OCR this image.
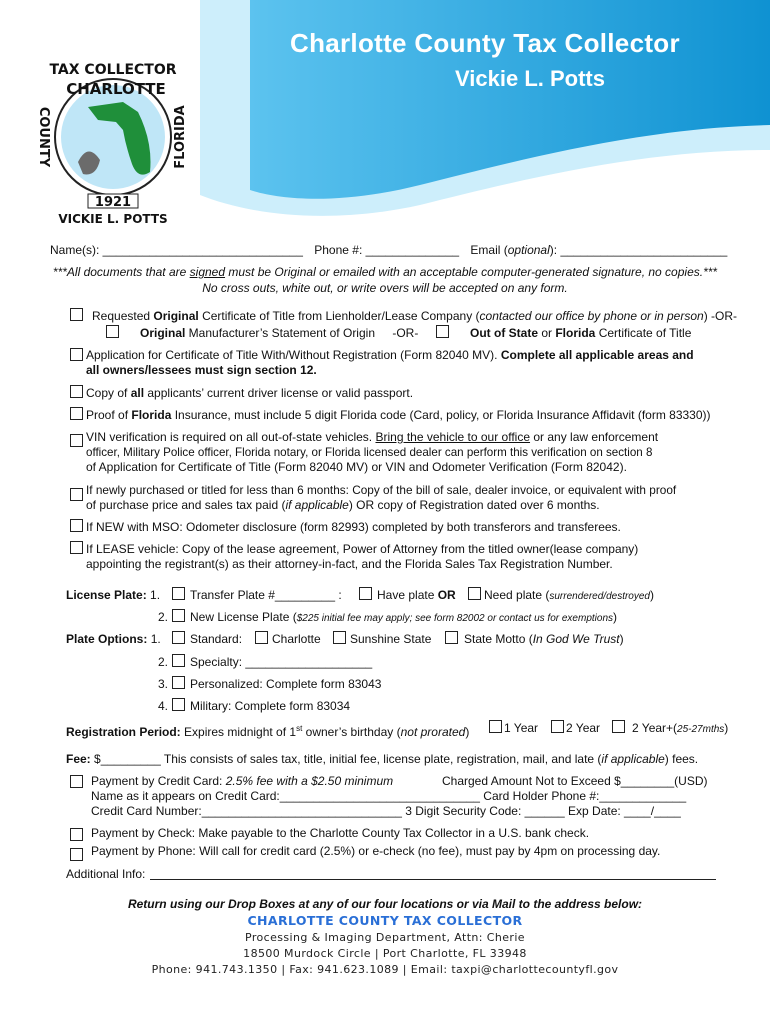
Charlotte County Tax Collector
Vickie L. Potts
TAX COLLECTOR
CHARLOTTE
COUNTY	FLORIDA
1921
VICKIE L. POTTS
Name(s): ______________________________ Phone #: ______________ Email (optional): _________________________
***All documents that are signed must be Original or emailed with an acceptable computer-generated signature, no copies.***
No cross outs, white out, or write overs will be accepted on any form.
Requested Original Certificate of Title from Lienholder/Lease Company (contacted our office by phone or in person) -OR-
Original Manufacturer’s Statement of Origin -OR-	Out of State or Florida Certificate of Title
Application for Certificate of Title With/Without Registration (Form 82040 MV). Complete all applicable areas and
all owners/lessees must sign section 12.
Copy of all applicants’ current driver license or valid passport.
Proof of Florida Insurance, must include 5 digit Florida code (Card, policy, or Florida Insurance Affidavit (form 83330))
VIN verification is required on all out-of-state vehicles. Bring the vehicle to our office or any law enforcement
officer, Military Police officer, Florida notary, or Florida licensed dealer can perform this verification on section 8
of Application for Certificate of Title (Form 82040 MV) or VIN and Odometer Verification (Form 82042).
If newly purchased or titled for less than 6 months: Copy of the bill of sale, dealer invoice, or equivalent with proof
of purchase price and sales tax paid (if applicable) OR copy of Registration dated over 6 months.
If NEW with MSO: Odometer disclosure (form 82993) completed by both transferors and transferees.
If LEASE vehicle: Copy of the lease agreement, Power of Attorney from the titled owner(lease company)
appointing the registrant(s) as their attorney-in-fact, and the Florida Sales Tax Registration Number.
License Plate: 1. Transfer Plate #_________ :	Have plate OR Need plate (surrendered/destroyed)
2. New License Plate ($225 initial fee may apply; see form 82002 or contact us for exemptions)
Plate Options: 1. Standard: Charlotte Sunshine State	State Motto (In God We Trust)
2. Specialty: ___________________
3. Personalized: Complete form 83043
4. Military: Complete form 83034
Registration Period: Expires midnight of 1st owner’s birthday (not prorated)	1 Year 2 Year	2 Year+(25-27mths)
Fee: $_________ This consists of sales tax, title, initial fee, license plate, registration, mail, and late (if applicable) fees.
Payment by Credit Card: 2.5% fee with a $2.50 minimum	Charged Amount Not to Exceed $________(USD)
Name as it appears on Credit Card:______________________________ Card Holder Phone #:_____________
Credit Card Number:______________________________ 3 Digit Security Code: ______ Exp Date: ____/____
Payment by Check: Make payable to the Charlotte County Tax Collector in a U.S. bank check.
Payment by Phone: Will call for credit card (2.5%) or e-check (no fee), must pay by 4pm on processing day.
Additional Info:
Return using our Drop Boxes at any of our four locations or via Mail to the address below:
CHARLOTTE COUNTY TAX COLLECTOR
Processing & Imaging Department, Attn: Cherie
18500 Murdock Circle | Port Charlotte, FL 33948
Phone: 941.743.1350 | Fax: 941.623.1089 | Email: taxpi@charlottecountyfl.gov
